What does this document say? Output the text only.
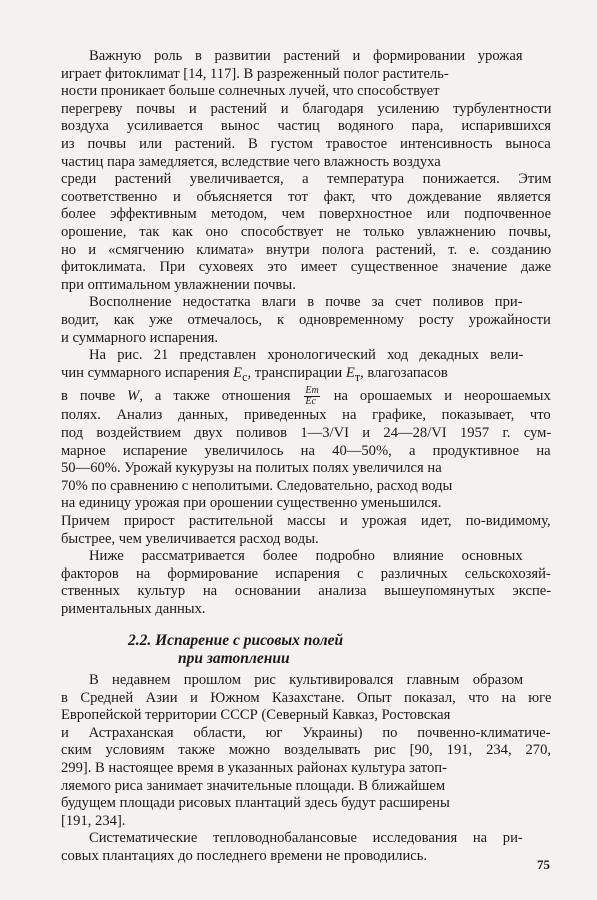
Важную роль в развитии растений и формировании урожая
играет фитоклимат [14, 117]. В разреженный полог раститель-
ности проникает больше солнечных лучей, что способствует
перегреву почвы и растений и благодаря усилению турбулентности
воздуха усиливается вынос частиц водяного пара, испарившихся
из почвы или растений. В густом травостое интенсивность выноса
частиц пара замедляется, вследствие чего влажность воздуха
среди растений увеличивается, а температура понижается. Этим
соответственно и объясняется тот факт, что дождевание является
более эффективным методом, чем поверхностное или подпочвенное
орошение, так как оно способствует не только увлажнению почвы,
но и «смягчению климата» внутри полога растений, т. е. созданию
фитоклимата. При суховеях это имеет существенное значение даже
при оптимальном увлажнении почвы.

Восполнение недостатка влаги в почве за счет поливов при-
водит, как уже отмечалось, к одновременному росту урожайности
и суммарного испарения.

На рис. 21 представлен хронологический ход декадных вели-
чин суммарного испарения $E_c$, транспирации $E_т$, влагозапасов
в почве W, а также отношения $\frac{Eт}{Ec}$ на орошаемых и неорошаемых
полях. Анализ данных, приведенных на графике, показывает, что
под воздействием двух поливов 1—3/VI и 24—28/VI 1957 г. сум-
марное испарение увеличилось на 40—50%, а продуктивное на
50—60%. Урожай кукурузы на политых полях увеличился на
70% по сравнению с неполитыми. Следовательно, расход воды
на единицу урожая при орошении существенно уменьшился.
Причем прирост растительной массы и урожая идет, по-видимому,
быстрее, чем увеличивается расход воды.

Ниже рассматривается более подробно влияние основных
факторов на формирование испарения с различных сельскохозяй-
ственных культур на основании анализа вышеупомянутых экспе-
риментальных данных.

2.2. Испарение с рисовых полей
при затоплении

В недавнем прошлом рис культивировался главным образом
в Средней Азии и Южном Казахстане. Опыт показал, что на юге
Европейской территории СССР (Северный Кавказ, Ростовская
и Астраханская области, юг Украины) по почвенно-климатиче-
ским условиям также можно возделывать рис [90, 191, 234, 270,
299]. В настоящее время в указанных районах культура затоп-
ляемого риса занимает значительные площади. В ближайшем
будущем площади рисовых плантаций здесь будут расширены
[191, 234].

Систематические тепловоднобалансовые исследования на ри-
совых плантациях до последнего времени не проводились.

75
